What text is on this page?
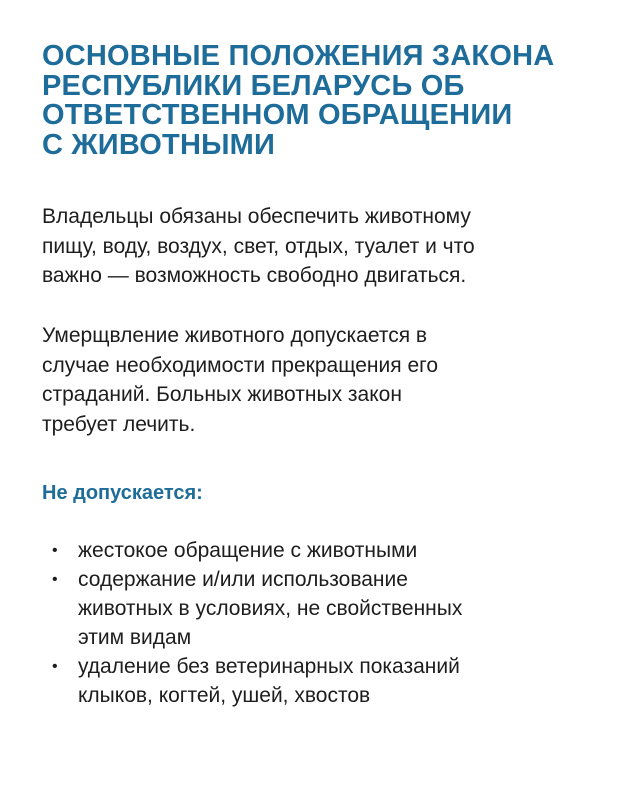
ОСНОВНЫЕ ПОЛОЖЕНИЯ ЗАКОНА
РЕСПУБЛИКИ БЕЛАРУСЬ ОБ
ОТВЕТСТВЕННОМ ОБРАЩЕНИИ
С ЖИВОТНЫМИ

Владельцы обязаны обеспечить животному
пищу, воду, воздух, свет, отдых, туалет и что
важно — возможность свободно двигаться.

Умерщвление животного допускается в
случае необходимости прекращения его
страданий. Больных животных закон
требует лечить.

Не допускается:
• жестокое обращение с животными
• содержание и/или использование
животных в условиях, не свойственных
этим видам
• удаление без ветеринарных показаний
клыков, когтей, ушей, хвостов
